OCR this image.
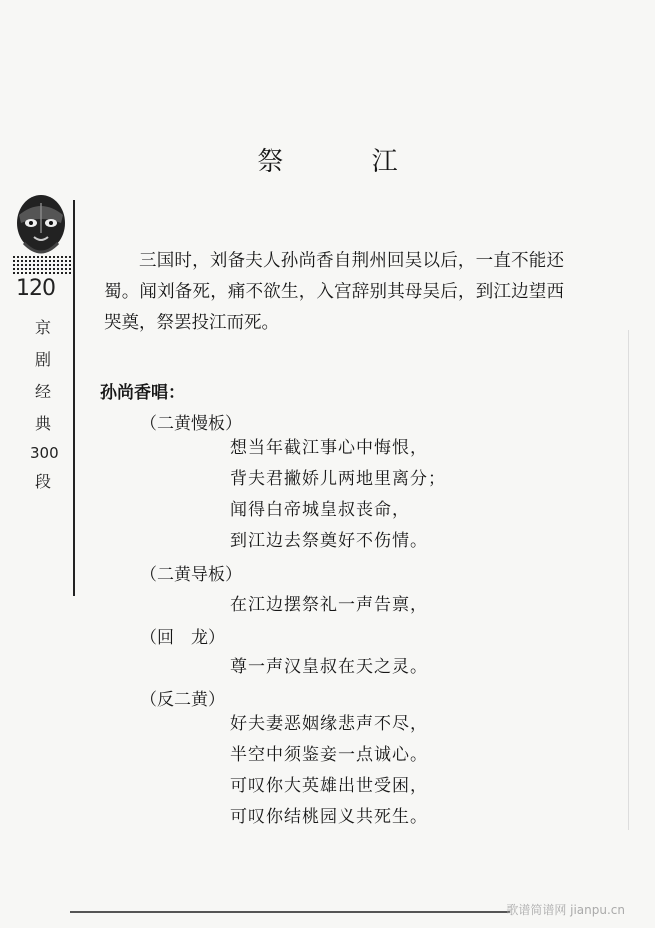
120
京
剧
经
典
300
段
歌谱简谱网 jianpu.cn
祭 江
三国时，刘备夫人孙尚香自荆州回吴以后，一直不能还蜀。闻刘备死，痛不欲生，入宫辞别其母吴后，到江边望西哭奠，祭罢投江而死。
孙尚香唱：
（二黄慢板）
想当年截江事心中悔恨，
背夫君撇娇儿两地里离分；
闻得白帝城皇叔丧命，
到江边去祭奠好不伤情。
（二黄导板）
在江边摆祭礼一声告禀，
（回　龙）
尊一声汉皇叔在天之灵。
（反二黄）
好夫妻恶姻缘悲声不尽，
半空中须鉴妾一点诚心。
可叹你大英雄出世受困，
可叹你结桃园义共死生。
